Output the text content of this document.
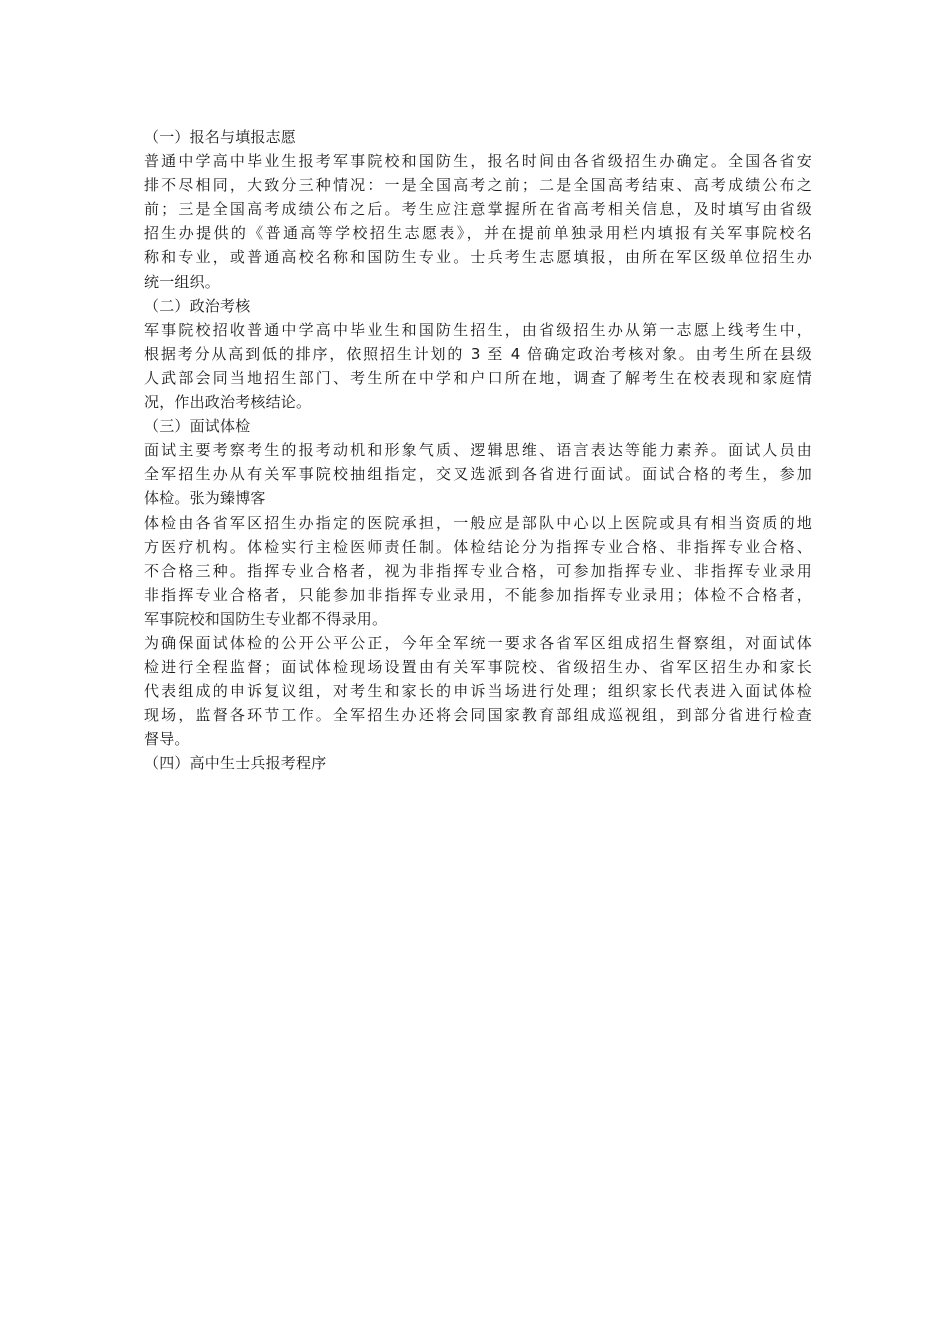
（一）报名与填报志愿
普通中学高中毕业生报考军事院校和国防生，报名时间由各省级招生办确定。全国各省安
排不尽相同，大致分三种情况：一是全国高考之前；二是全国高考结束、高考成绩公布之
前；三是全国高考成绩公布之后。考生应注意掌握所在省高考相关信息，及时填写由省级
招生办提供的《普通高等学校招生志愿表》，并在提前单独录用栏内填报有关军事院校名
称和专业，或普通高校名称和国防生专业。士兵考生志愿填报，由所在军区级单位招生办
统一组织。
（二）政治考核
军事院校招收普通中学高中毕业生和国防生招生，由省级招生办从第一志愿上线考生中，
根据考分从高到低的排序，依照招生计划的 3 至 4 倍确定政治考核对象。由考生所在县级
人武部会同当地招生部门、考生所在中学和户口所在地，调查了解考生在校表现和家庭情
况，作出政治考核结论。
（三）面试体检
面试主要考察考生的报考动机和形象气质、逻辑思维、语言表达等能力素养。面试人员由
全军招生办从有关军事院校抽组指定，交叉选派到各省进行面试。面试合格的考生，参加
体检。张为臻博客
体检由各省军区招生办指定的医院承担，一般应是部队中心以上医院或具有相当资质的地
方医疗机构。体检实行主检医师责任制。体检结论分为指挥专业合格、非指挥专业合格、
不合格三种。指挥专业合格者，视为非指挥专业合格，可参加指挥专业、非指挥专业录用
非指挥专业合格者，只能参加非指挥专业录用，不能参加指挥专业录用；体检不合格者，
军事院校和国防生专业都不得录用。
为确保面试体检的公开公平公正，今年全军统一要求各省军区组成招生督察组，对面试体
检进行全程监督；面试体检现场设置由有关军事院校、省级招生办、省军区招生办和家长
代表组成的申诉复议组，对考生和家长的申诉当场进行处理；组织家长代表进入面试体检
现场，监督各环节工作。全军招生办还将会同国家教育部组成巡视组，到部分省进行检查
督导。
（四）高中生士兵报考程序
